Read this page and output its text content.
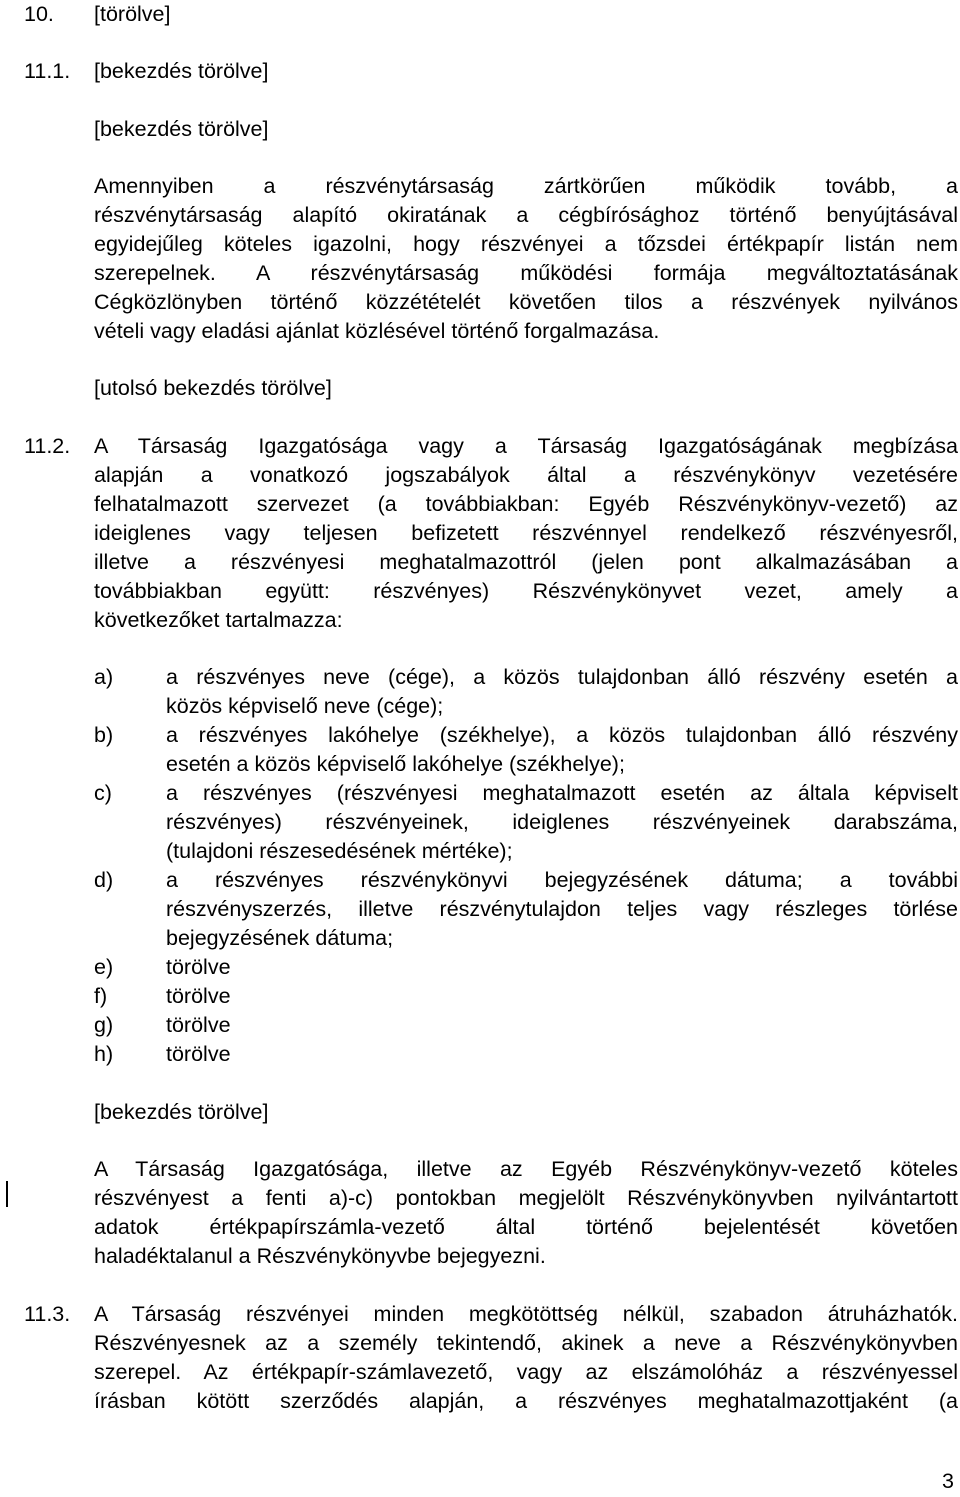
10. [törölve]
11.1. [bekezdés törölve]
[bekezdés törölve]
Amennyiben a részvénytársaság zártkörűen működik tovább, a
részvénytársaság alapító okiratának a cégbírósághoz történő benyújtásával
egyidejűleg köteles igazolni, hogy részvényei a tőzsdei értékpapír listán nem
szerepelnek. A részvénytársaság működési formája megváltoztatásának
Cégközlönyben történő közzétételét követően tilos a részvények nyilvános
vételi vagy eladási ajánlat közlésével történő forgalmazása.
[utolsó bekezdés törölve]
11.2. A Társaság Igazgatósága vagy a Társaság Igazgatóságának megbízása
alapján a vonatkozó jogszabályok által a részvénykönyv vezetésére
felhatalmazott szervezet (a továbbiakban: Egyéb Részvénykönyv-vezető) az
ideiglenes vagy teljesen befizetett részvénnyel rendelkező részvényesről,
illetve a részvényesi meghatalmazottról (jelen pont alkalmazásában a
továbbiakban együtt: részvényes) Részvénykönyvet vezet, amely a
következőket tartalmazza:
a) a részvényes neve (cége), a közös tulajdonban álló részvény esetén a
közös képviselő neve (cége);
b) a részvényes lakóhelye (székhelye), a közös tulajdonban álló részvény
esetén a közös képviselő lakóhelye (székhelye);
c)	a részvényes (részvényesi meghatalmazott esetén az általa képviselt
részvényes) részvényeinek, ideiglenes részvényeinek darabszáma,
(tulajdoni részesedésének mértéke);
d) a részvényes részvénykönyvi bejegyzésének dátuma; a további
részvényszerzés, illetve részvénytulajdon teljes vagy részleges törlése
bejegyzésének dátuma;
e) törölve
f)	törölve
g) törölve
h) törölve
[bekezdés törölve]
A Társaság Igazgatósága, illetve az Egyéb Részvénykönyv-vezető köteles
részvényest a fenti a)-c) pontokban megjelölt Részvénykönyvben nyilvántartott
adatok értékpapírszámla-vezető által történő bejelentését követően
haladéktalanul a Részvénykönyvbe bejegyezni.
11.3. A Társaság részvényei minden megkötöttség nélkül, szabadon átruházhatók.
Részvényesnek az a személy tekintendő, akinek a neve a Részvénykönyvben
szerepel. Az értékpapír-számlavezető, vagy az elszámolóház a részvényessel
írásban kötött szerződés alapján, a részvényes meghatalmazottjaként (a
3
